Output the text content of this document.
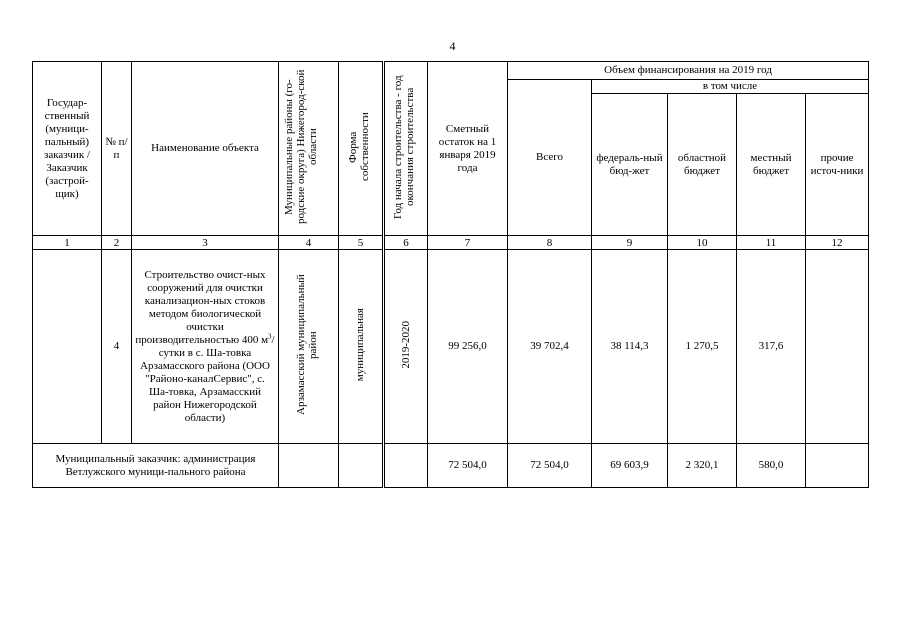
4
Государ-ственный (муници-пальный) заказчик / Заказчик (застрой-щик)	№ п/п	Наименование объекта	Муниципальные районы (го-родские округа) Нижегород-ской области	Форма собственности	Год начала строительства - год окончания строительства	Сметный остаток на 1 января 2019 года	Объем финансирования на 2019 год				
							Всего	в том числе			
								федераль-ный бюд-жет	областной бюджет	местный бюджет	прочие источ-ники
1	2	3	4	5	6	7	8	9	10	11	12
	4	Строительство очист-ных сооружений для очистки канализацион-ных стоков методом биологической очистки производительностью 400 $м^3$/сутки в с. Ша-товка Арзамасского района (ООО "Районо-каналСервис", с. Ша-товка, Арзамасский район Нижегородской области)	Арзамасский муниципальный район	муниципальная	2019-2020	99 256,0	39 702,4	38 114,3	1 270,5	317,6	
Муниципальный заказчик: администрация Ветлужского муници-пального района						72 504,0	72 504,0	69 603,9	2 320,1	580,0	
